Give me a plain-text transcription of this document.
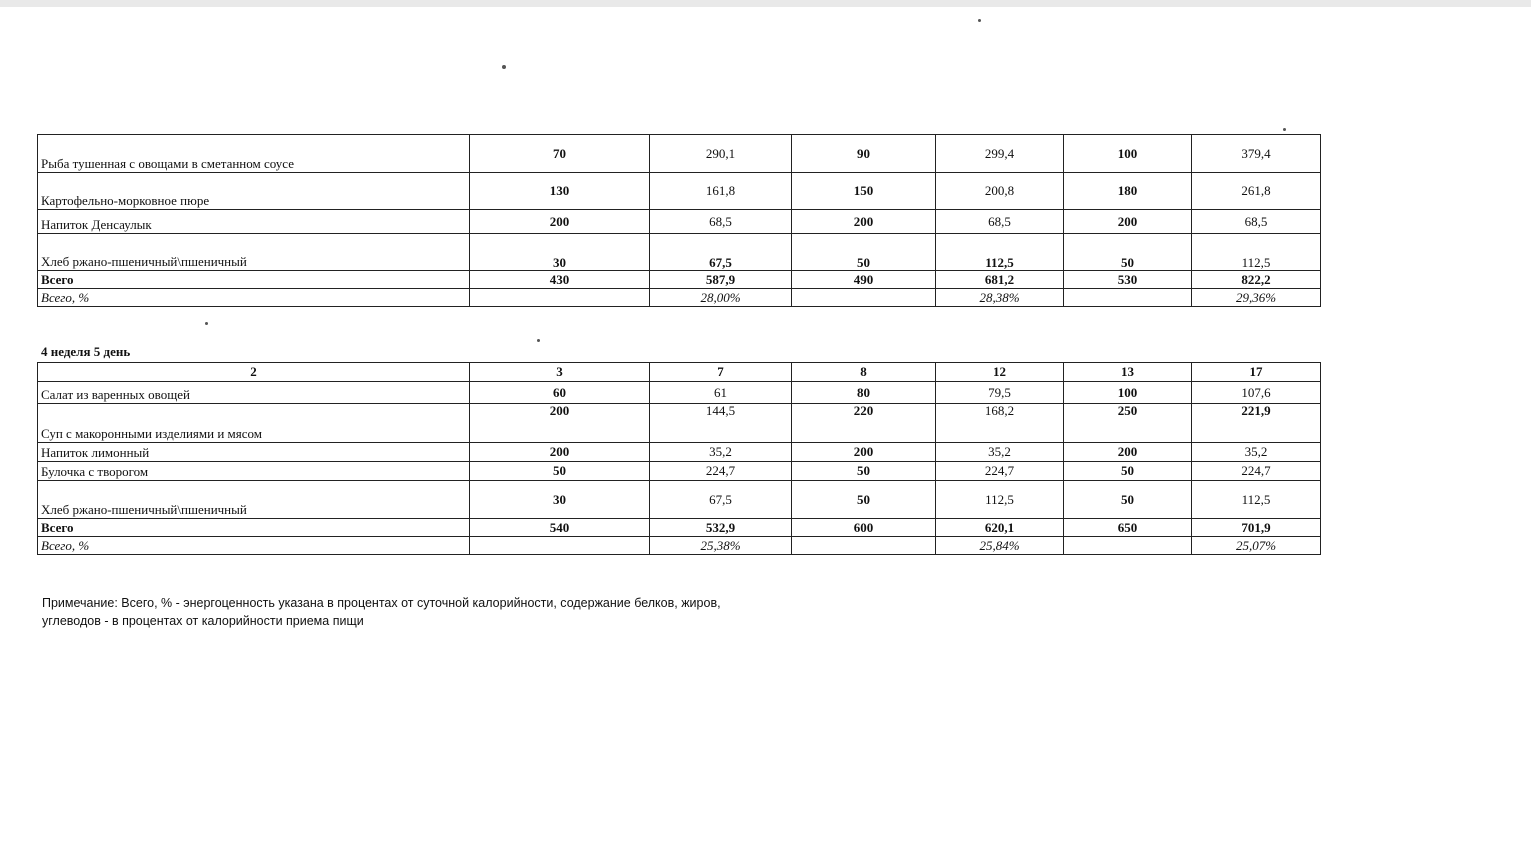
Рыба тушенная с овощами в сметанном соусе	70	290,1	90	299,4	100	379,4
Картофельно-морковное пюре	130	161,8	150	200,8	180	261,8
Напиток Денсаулык	200	68,5	200	68,5	200	68,5
Хлеб ржано-пшеничный\пшеничный	30	67,5	50	112,5	50	112,5
Всего	430	587,9	490	681,2	530	822,2
Всего, %		28,00%		28,38%		29,36%
4 неделя 5 день
2	3	7	8	12	13	17
Салат из варенных овощей	60	61	80	79,5	100	107,6
Суп с макоронными изделиями и мясом	200	144,5	220	168,2	250	221,9
Напиток лимонный	200	35,2	200	35,2	200	35,2
Булочка с творогом	50	224,7	50	224,7	50	224,7
Хлеб ржано-пшеничный\пшеничный	30	67,5	50	112,5	50	112,5
Всего	540	532,9	600	620,1	650	701,9
Всего, %		25,38%		25,84%		25,07%
Примечание: Всего, % - энергоценность указана в процентах от суточной калорийности, содержание белков, жиров,
углеводов - в процентах от калорийности приема пищи
